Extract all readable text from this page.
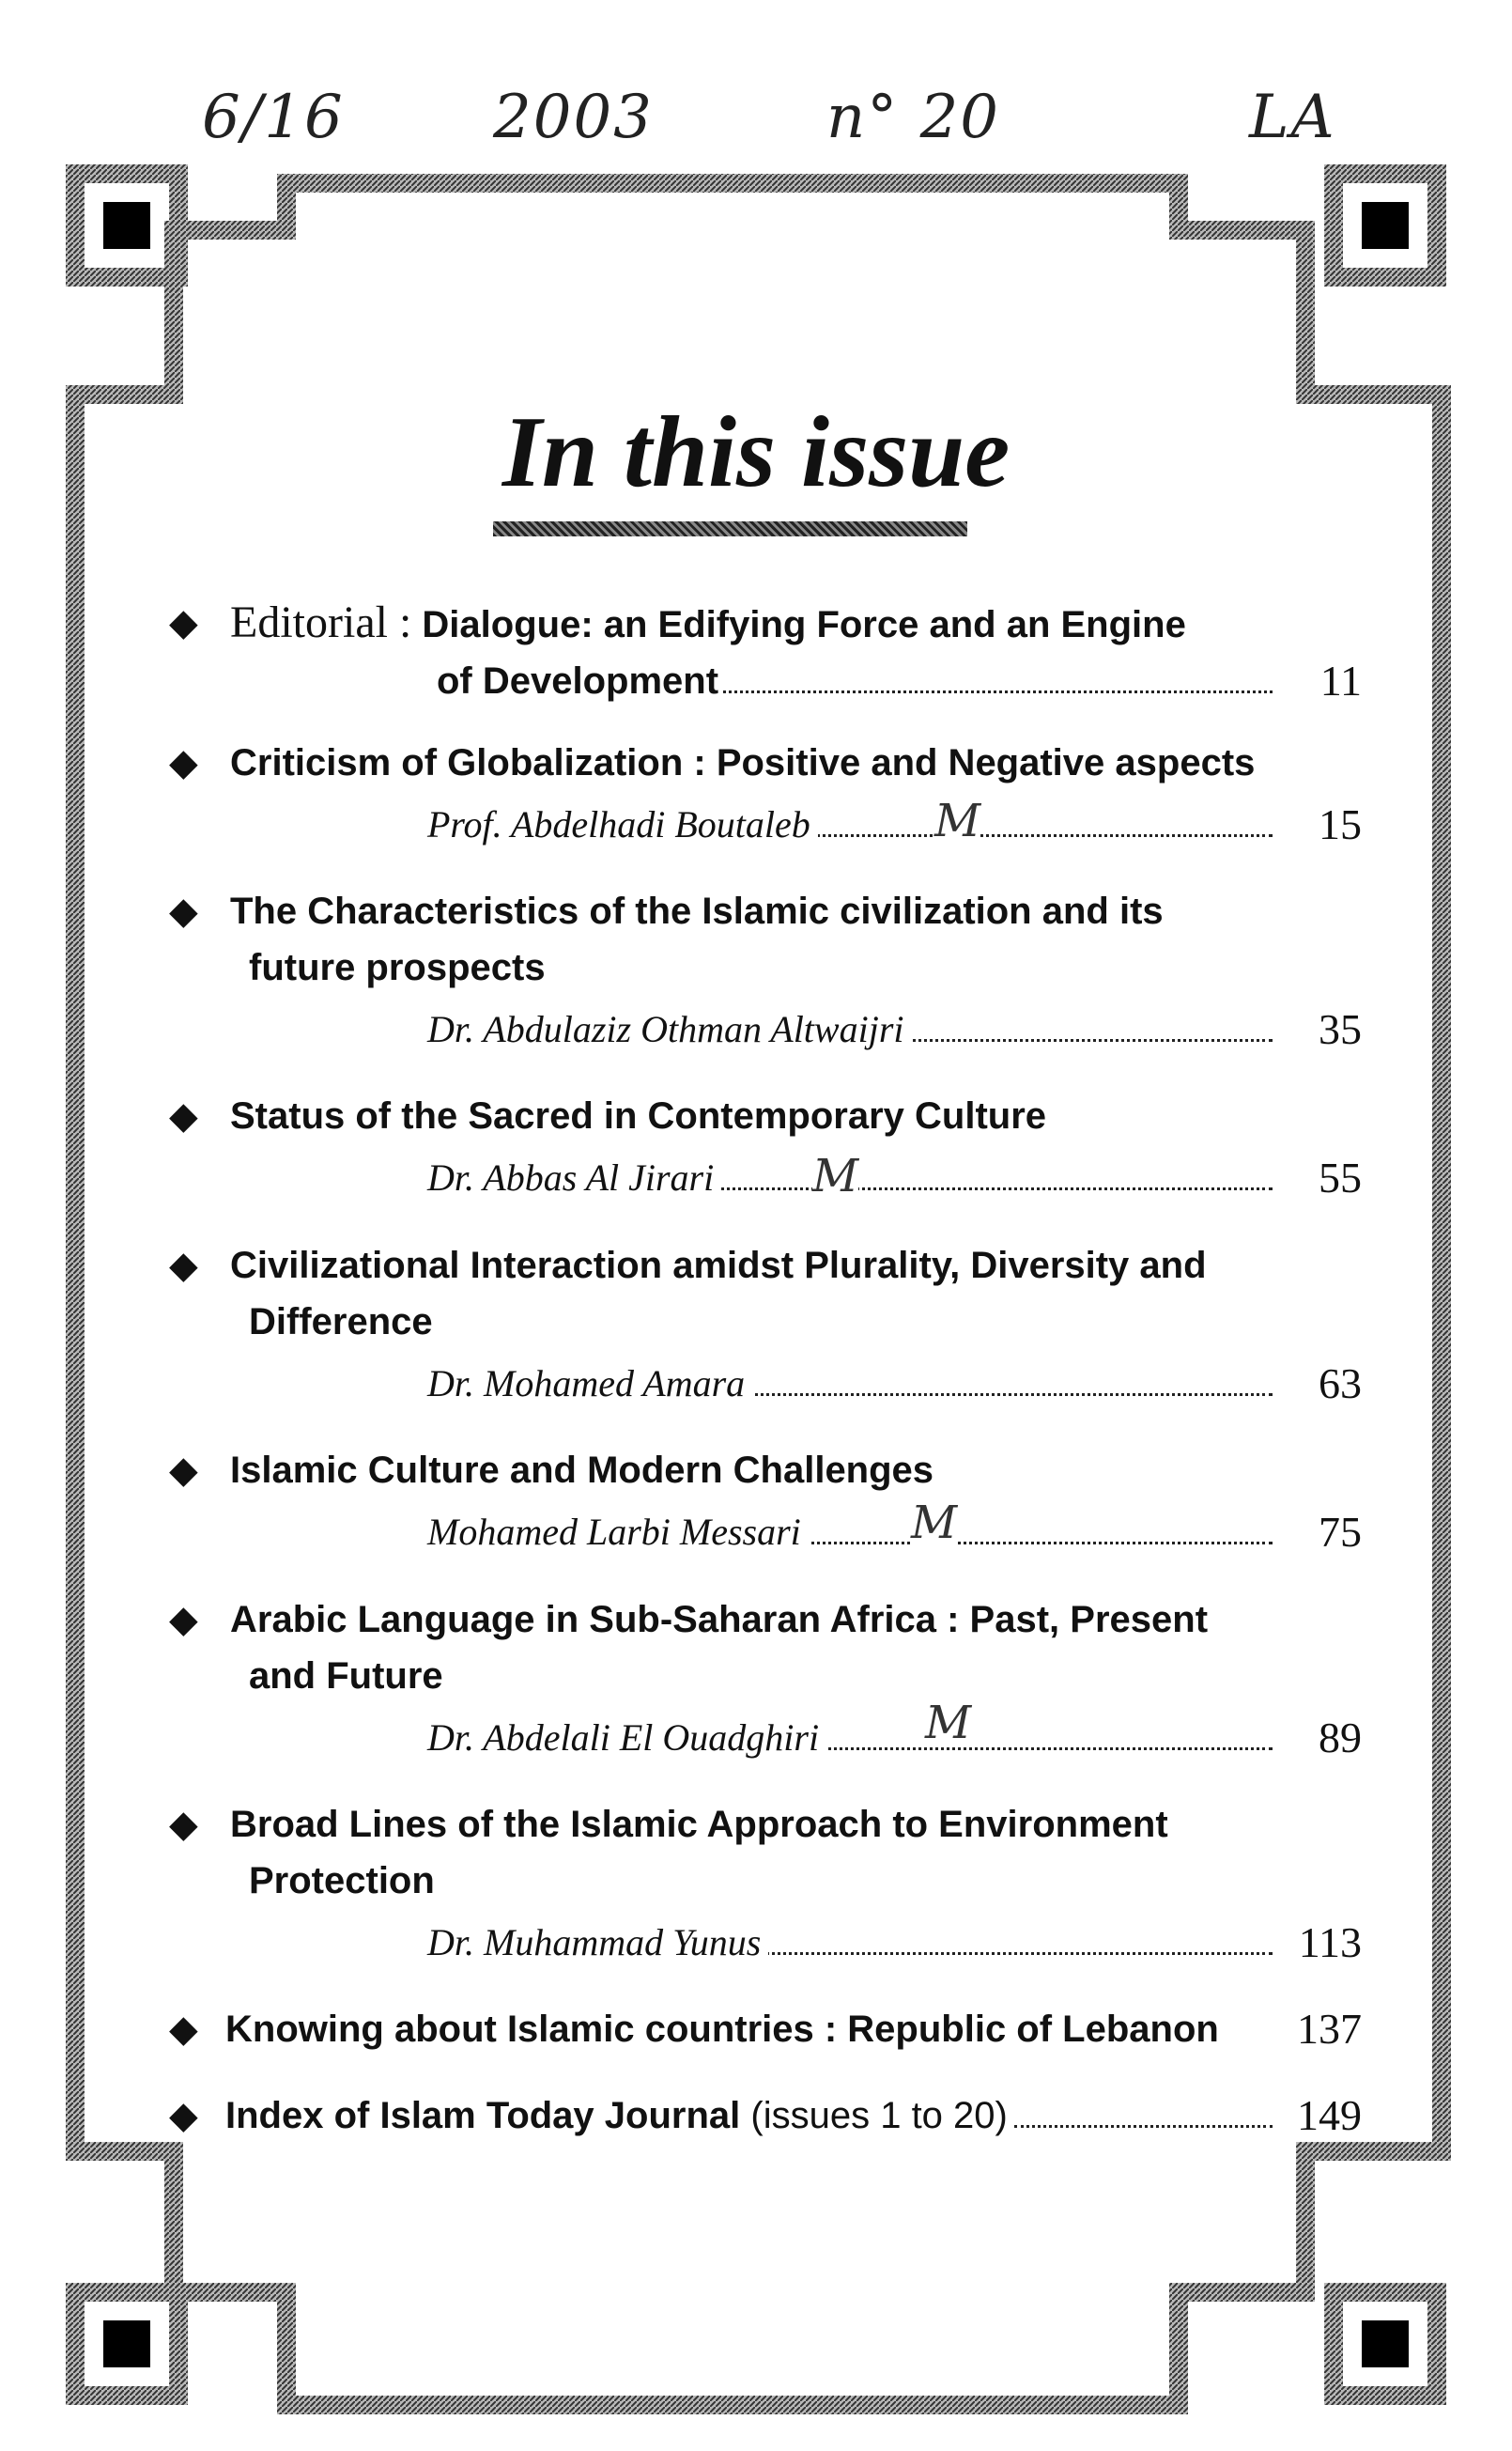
6/16 2003	n° 20	LA
In this issue
◆ Editorial : Dialogue: an Edifying Force and an Engine
of Development	11
◆ Criticism of Globalization : Positive and Negative aspects
Prof. Abdelhadi Boutaleb	15
M
◆ The Characteristics of the Islamic civilization and its
future prospects
Dr. Abdulaziz Othman Altwaijri	35
◆ Status of the Sacred in Contemporary Culture
Dr. Abbas Al Jirari	55
M
◆ Civilizational Interaction amidst Plurality, Diversity and
Difference
Dr. Mohamed Amara	63
◆ Islamic Culture and Modern Challenges
Mohamed Larbi Messari	75
M
◆ Arabic Language in Sub-Saharan Africa : Past, Present
and Future
Dr. Abdelali El Ouadghiri	89
M
◆ Broad Lines of the Islamic Approach to Environment
Protection
Dr. Muhammad Yunus	113
◆ Knowing about Islamic countries : Republic of Lebanon	137
◆ Index of Islam Today Journal (issues 1 to 20)	149
